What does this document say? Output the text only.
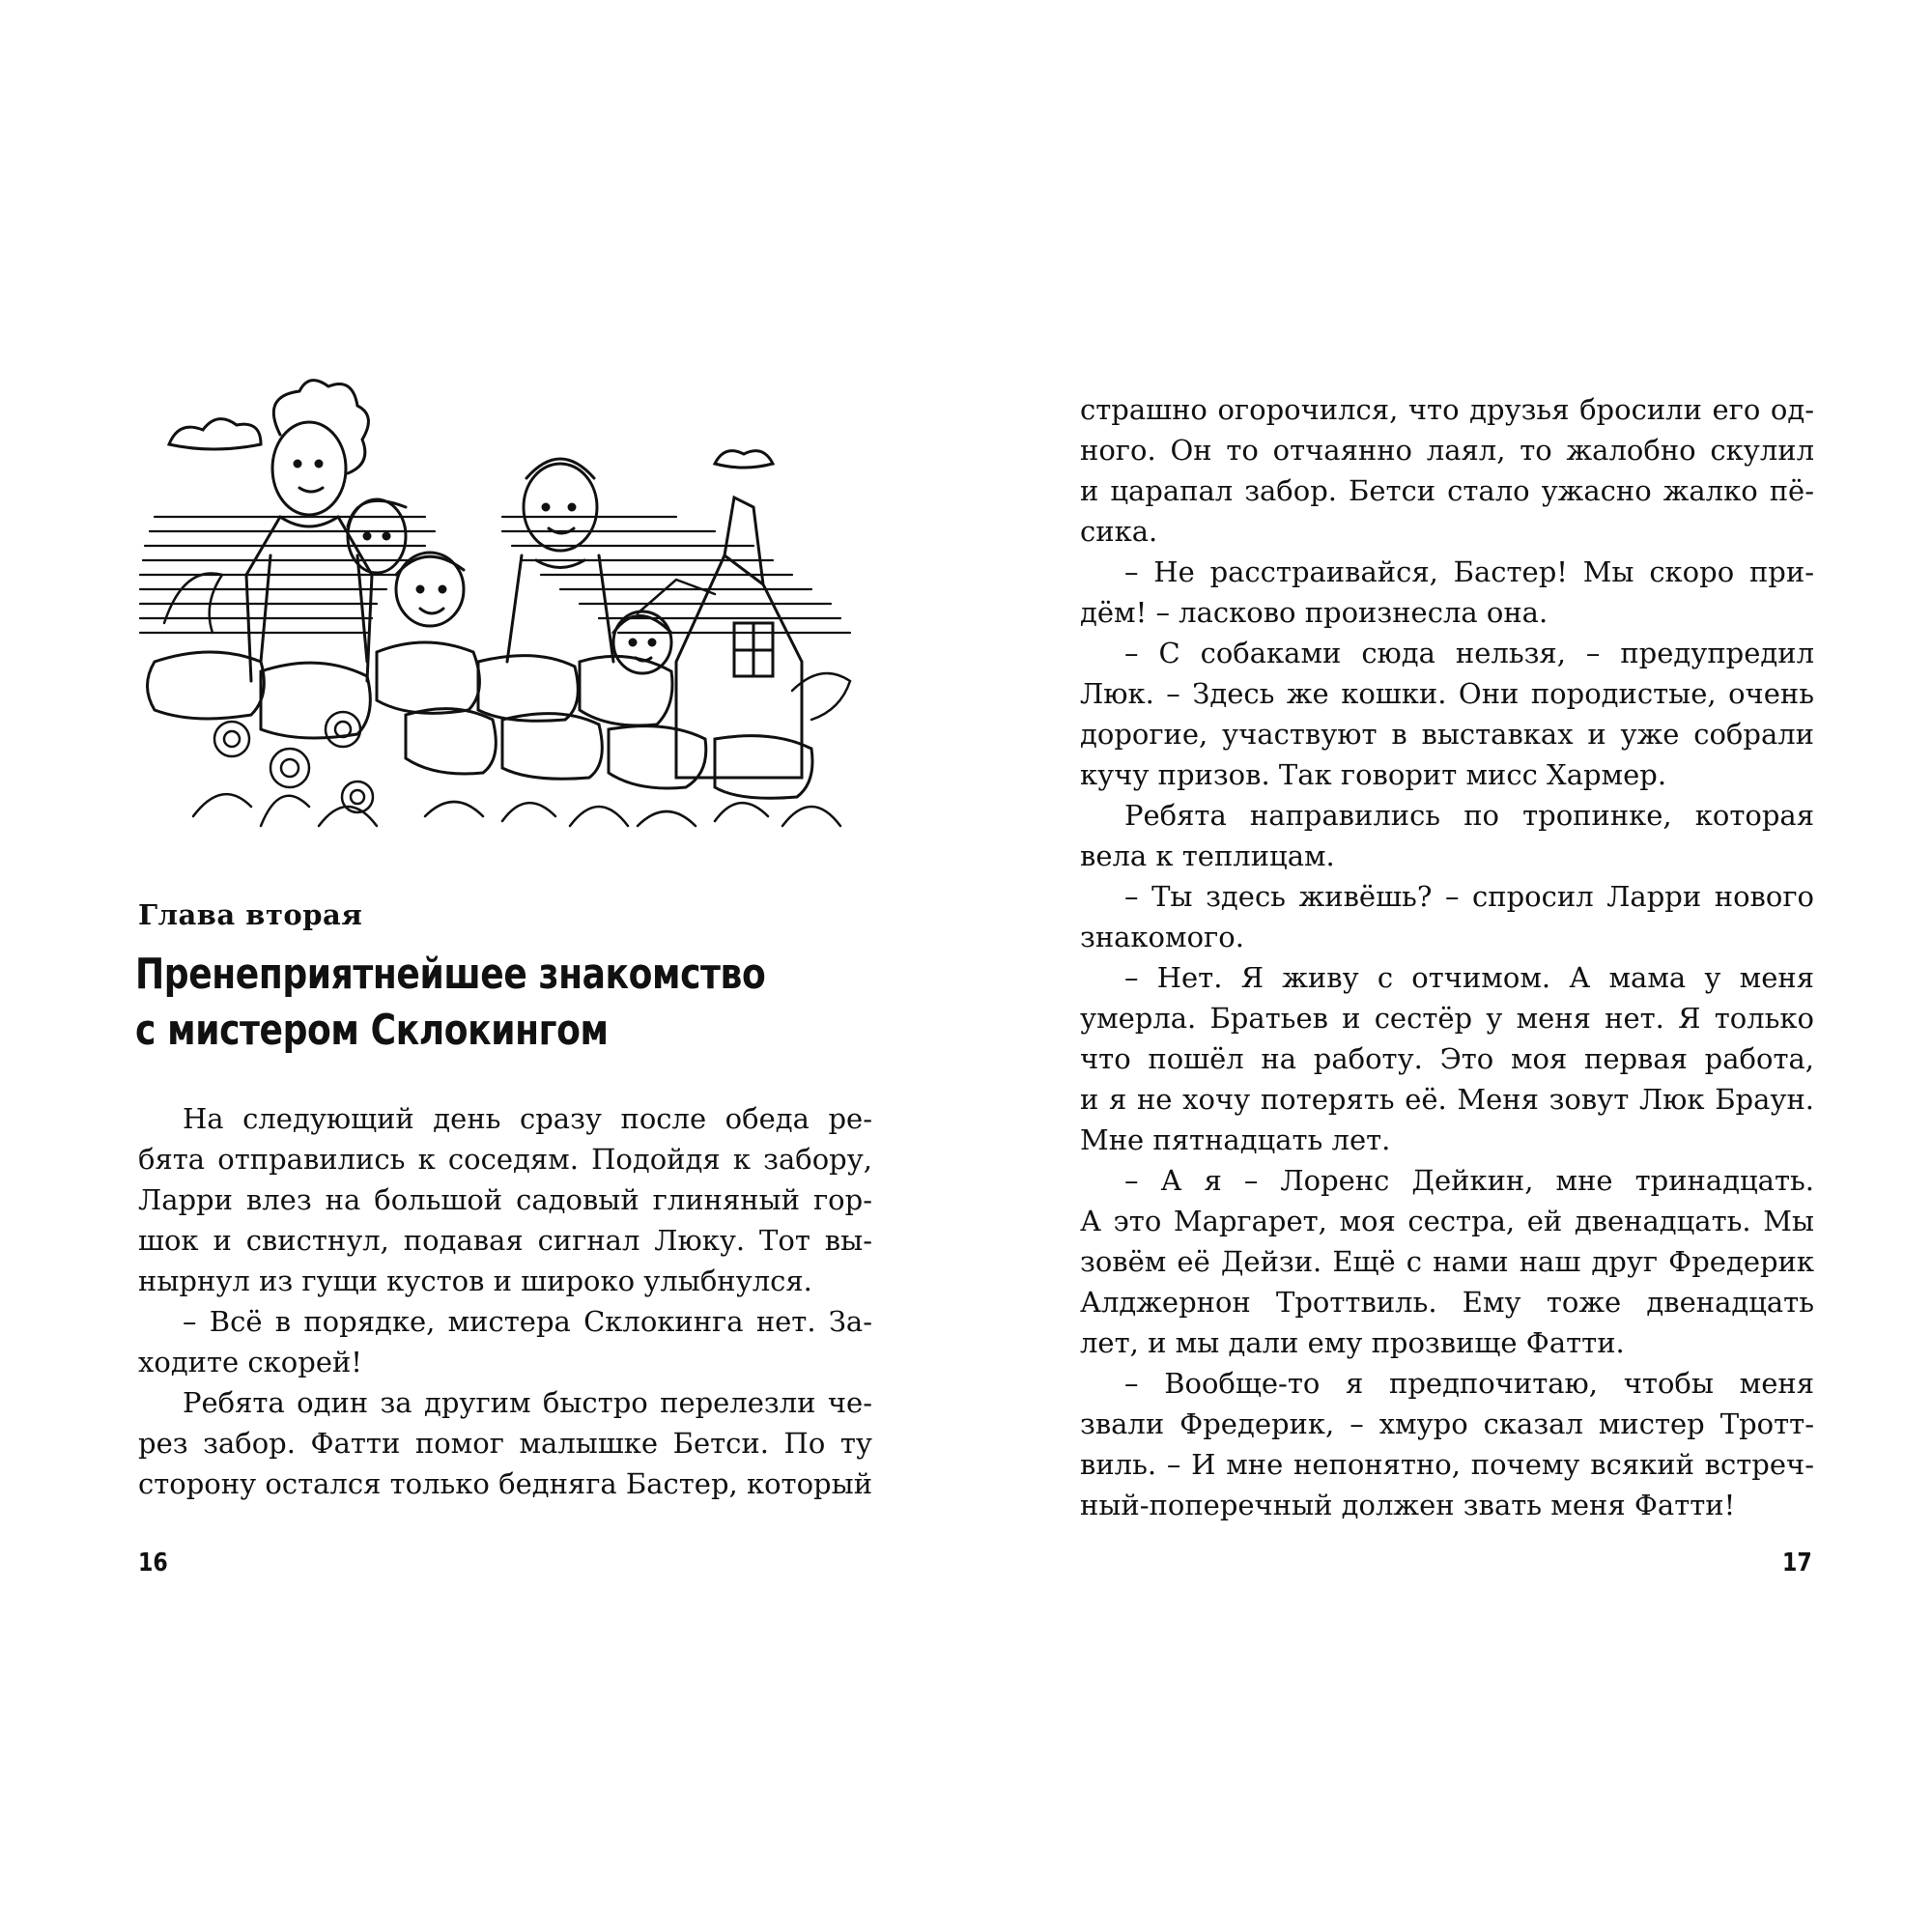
Глава вторая
Пренеприятнейшее знакомство
с мистером Склокингом
На следующий день сразу после обеда ре-
бята отправились к соседям. Подойдя к забору,
Ларри влез на большой садовый глиняный гор-
шок и свистнул, подавая сигнал Люку. Тот вы-
нырнул из гущи кустов и широко улыбнулся.
– Всё в порядке, мистера Склокинга нет. За-
ходите скорей!
Ребята один за другим быстро перелезли че-
рез забор. Фатти помог малышке Бетси. По ту
сторону остался только бедняга Бастер, который
страшно огорочился, что друзья бросили его од-
ного. Он то отчаянно лаял, то жалобно скулил
и царапал забор. Бетси стало ужасно жалко пё-
сика.
– Не расстраивайся, Бастер! Мы скоро при-
дём! – ласково произнесла она.
– С собаками сюда нельзя, – предупредил
Люк. – Здесь же кошки. Они породистые, очень
дорогие, участвуют в выставках и уже собрали
кучу призов. Так говорит мисс Хармер.
Ребята направились по тропинке, которая
вела к теплицам.
– Ты здесь живёшь? – спросил Ларри нового
знакомого.
– Нет. Я живу с отчимом. А мама у меня
умерла. Братьев и сестёр у меня нет. Я только
что пошёл на работу. Это моя первая работа,
и я не хочу потерять её. Меня зовут Люк Браун.
Мне пятнадцать лет.
– А я – Лоренс Дейкин, мне тринадцать.
А это Маргарет, моя сестра, ей двенадцать. Мы
зовём её Дейзи. Ещё с нами наш друг Фредерик
Алджернон Троттвиль. Ему тоже двенадцать
лет, и мы дали ему прозвище Фатти.
– Вообще-то я предпочитаю, чтобы меня
звали Фредерик, – хмуро сказал мистер Тротт-
виль. – И мне непонятно, почему всякий встреч-
ный-поперечный должен звать меня Фатти!
16	17
